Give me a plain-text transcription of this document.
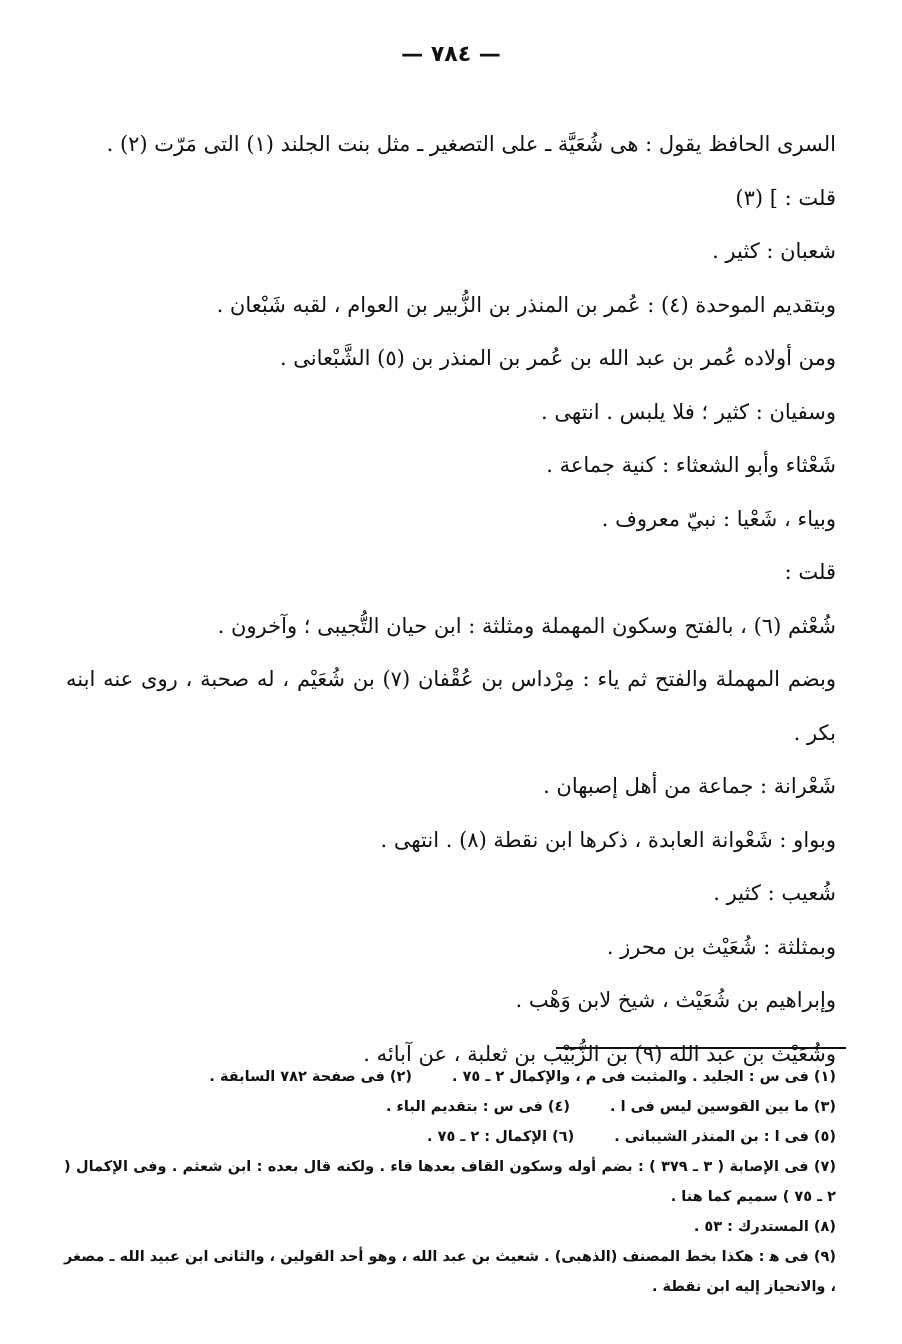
— ٧٨٤ —

السرى الحافظ يقول : هى شُعَيَّة ـ على التصغير ـ مثل بنت الجلند (١) التى مَرّت (٢) .

قلت : ] (٣)

شعبان : كثير .

وبتقديم الموحدة (٤) : عُمر بن المنذر بن الزُّبير بن العوام ، لقبه شَبْعان .

ومن أولاده عُمر بن عبد الله بن عُمر بن المنذر بن (٥) الشَّبْعانى .

وسفيان : كثير ؛ فلا يلبس . انتهى .

شَعْثاء وأبو الشعثاء : كنية جماعة .

وبياء ، شَعْيا : نبيّ معروف .

قلت :

شُعْثم (٦) ، بالفتح وسكون المهملة ومثلثة : ابن حيان التُّجيبى ؛ وآخرون .

وبضم المهملة والفتح ثم ياء : مِرْداس بن عُقْفان (٧) بن شُعَيْم ، له صحبة ، روى عنه ابنه بكر .

شَعْرانة : جماعة من أهل إصبهان .

وبواو : شَعْوانة العابدة ، ذكرها ابن نقطة (٨) . انتهى .

شُعيب : كثير .

وبمثلثة : شُعَيْث بن محرز .

وإبراهيم بن شُعَيْث ، شيخ لابن وَهْب .

وشُعَيْث بن عبد الله (٩) بن الزُّبَيْب بن ثعلبة ، عن آبائه .

(١) فى س : الجليد . والمثبت فى م ، والإكمال ٢ ـ ٧٥ .
(٢) فى صفحة ٧٨٢ السابقة .
(٣) ما بين القوسين ليس فى ا .
(٤) فى س : بتقديم الباء .
(٥) فى ا : بن المنذر الشيبانى .
(٦) الإكمال : ٢ ـ ٧٥ .

(٧) فى الإصابة ( ٣ ـ ٣٧٩ ) : بضم أوله وسكون القاف بعدها فاء . ولكنه قال بعده : ابن شعثم . وفى الإكمال ( ٢ ـ ٧٥ ) سميم كما هنا .

(٨) المستدرك : ٥٣ .

(٩) فى ﻫ : هكذا بخط المصنف (الذهبى) . شعيث بن عبد الله ، وهو أحد القولين ، والثانى ابن عبيد الله ـ مصغر ، والانحياز إليه ابن نقطة .
